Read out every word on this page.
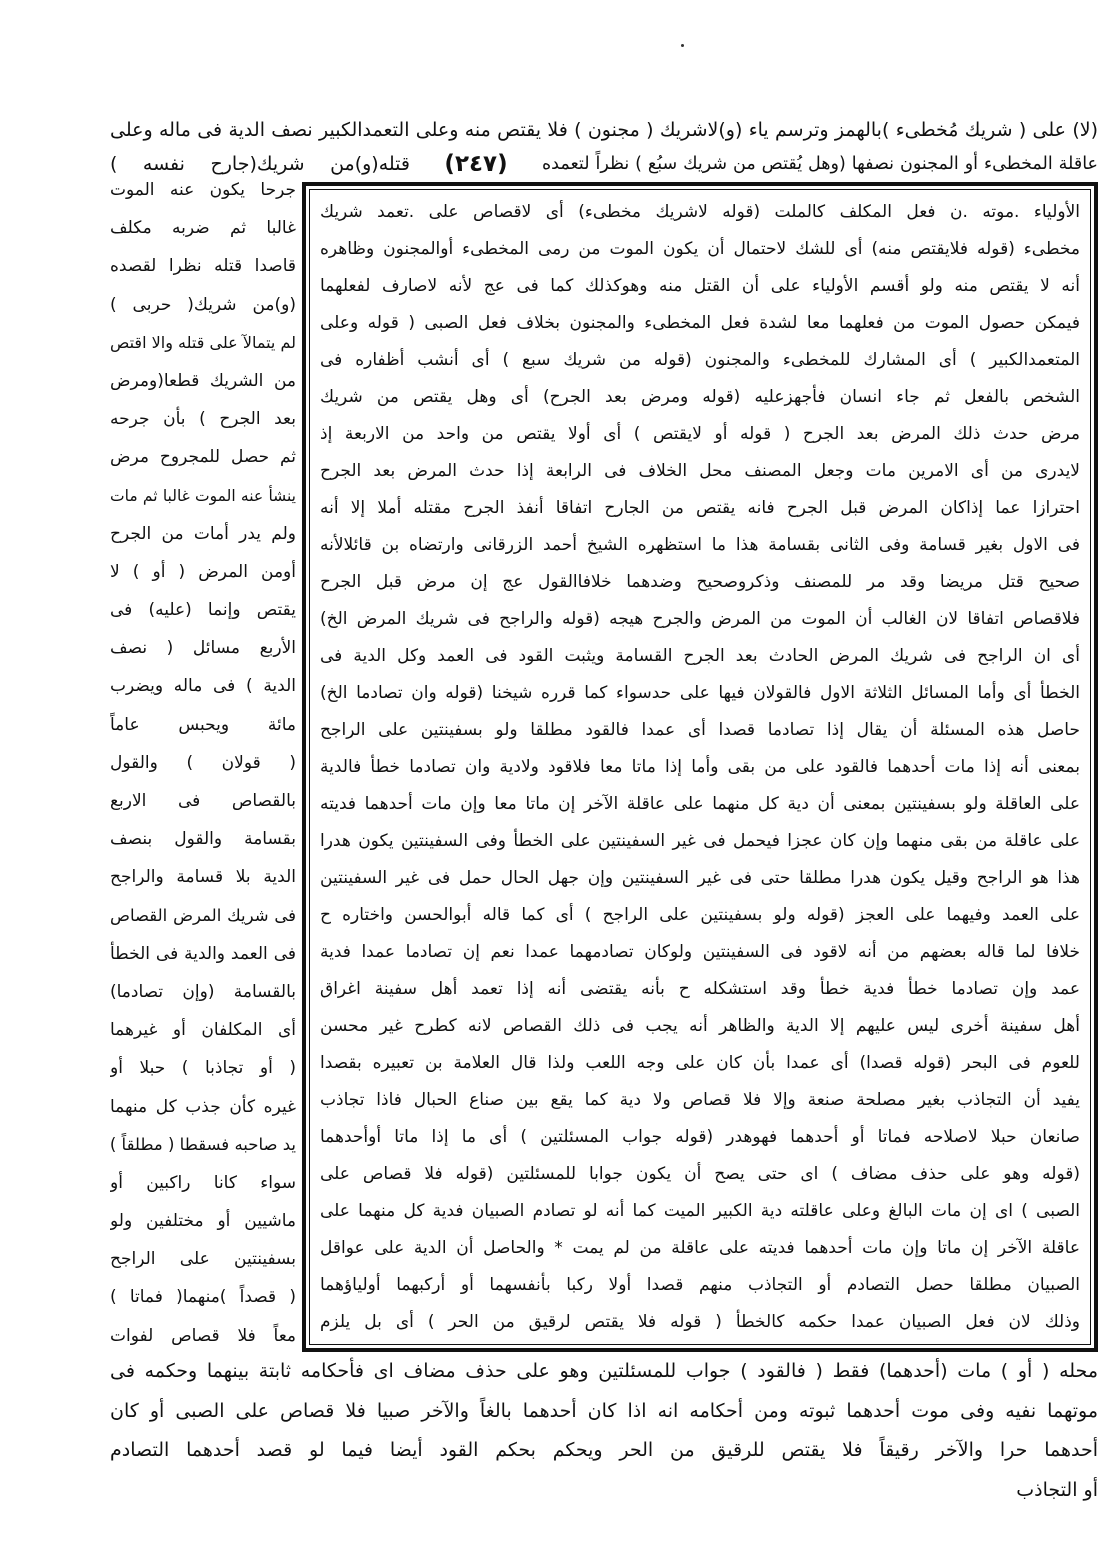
(لا) على ( شريك مُخطىء )بالهمز وترسم ياء (و)لاشريك ( مجنون ) فلا يقتص منه وعلى التعمدالكبير نصف الدية فى ماله وعلى
عاقلة المخطىء أو المجنون نصفها (وهل يُقتص من شريك سبُع ) نظراً لتعمده
(٢٤٧)
قتله(و)من شريك(جارح نفسه )
جرحا يكون عنه الموت
غالبا ثم ضربه مكلف
قاصدا قتله نظرا لقصده
(و)من شريك( حربى )
لم يتمالآ على قتله والا اقتص
من الشريك قطعا(ومرض
بعد الجرح ) بأن جرحه
ثم حصل للمجروح مرض
ينشأ عنه الموت غالبا ثم مات
ولم يدر أمات من الجرح
أومن المرض ( أو ) لا
يقتص وإنما (عليه) فى
الأربع مسائل ( نصف
الدية ) فى ماله ويضرب
مائة ويحبس عاماً
( قولان ) والقول
بالقصاص فى الاربع
بقسامة والقول بنصف
الدية بلا قسامة والراجح
فى شريك المرض القصاص
فى العمد والدية فى الخطأ
بالقسامة (وإن تصادما)
أى المكلفان أو غيرهما
( أو تجاذبا ) حبلا أو
غيره كأن جذب كل منهما
يد صاحبه فسقطا ( مطلقاً )
سواء كانا راكبين أو
ماشيين أو مختلفين ولو
بسفينتين على الراجح
( قصداً )منهما( فماتا )
معاً فلا قصاص لفوات
الأولياء .موته .ن فعل المكلف كالملت (قوله لاشريك مخطىء) أى لاقصاص على .تعمد شريك
مخطىء (قوله فلايقتص منه) أى للشك لاحتمال أن يكون الموت من رمى المخطىء أوالمجنون وظاهره
أنه لا يقتص منه ولو أقسم الأولياء على أن القتل منه وهوكذلك كما فى عج لأنه لاصارف لفعلهما
فيمكن حصول الموت من فعلهما معا لشدة فعل المخطىء والمجنون بخلاف فعل الصبى ( قوله وعلى
المتعمدالكبير ) أى المشارك للمخطىء والمجنون (قوله من شريك سبع ) أى أنشب أظفاره فى
الشخص بالفعل ثم جاء انسان فأجهزعليه (قوله ومرض بعد الجرح) أى وهل يقتص من شريك
مرض حدث ذلك المرض بعد الجرح ( قوله أو لايقتص ) أى أولا يقتص من واحد من الاربعة إذ
لايدرى من أى الامرين مات وجعل المصنف محل الخلاف فى الرابعة إذا حدث المرض بعد الجرح
احترازا عما إذاكان المرض قبل الجرح فانه يقتص من الجارح اتفاقا أنفذ الجرح مقتله أملا إلا أنه
فى الاول بغير قسامة وفى الثانى بقسامة هذا ما استظهره الشيخ أحمد الزرقانى وارتضاه بن قائلالأنه
صحيح قتل مريضا وقد مر للمصنف وذكروصحيح وضدهما خلافاالقول عج إن مرض قبل الجرح
فلاقصاص اتفاقا لان الغالب أن الموت من المرض والجرح هيجه (قوله والراجح فى شريك المرض الخ)
أى ان الراجح فى شريك المرض الحادث بعد الجرح القسامة ويثبت القود فى العمد وكل الدية فى
الخطأ أى وأما المسائل الثلاثة الاول فالقولان فيها على حدسواء كما قرره شيخنا (قوله وان تصادما الخ)
حاصل هذه المسئلة أن يقال إذا تصادما قصدا أى عمدا فالقود مطلقا ولو بسفينتين على الراجح
بمعنى أنه إذا مات أحدهما فالقود على من بقى وأما إذا ماتا معا فلاقود ولادية وان تصادما خطأ فالدية
على العاقلة ولو بسفينتين بمعنى أن دية كل منهما على عاقلة الآخر إن ماتا معا وإن مات أحدهما فديته
على عاقلة من بقى منهما وإن كان عجزا فيحمل فى غير السفينتين على الخطأ وفى السفينتين يكون هدرا
هذا هو الراجح وقيل يكون هدرا مطلقا حتى فى غير السفينتين وإن جهل الحال حمل فى غير السفينتين
على العمد وفيهما على العجز (قوله ولو بسفينتين على الراجح ) أى كما قاله أبوالحسن واختاره ح
خلافا لما قاله بعضهم من أنه لاقود فى السفينتين ولوكان تصادمهما عمدا نعم إن تصادما عمدا فدية
عمد وإن تصادما خطأ فدية خطأ وقد استشكله ح بأنه يقتضى أنه إذا تعمد أهل سفينة اغراق
أهل سفينة أخرى ليس عليهم إلا الدية والظاهر أنه يجب فى ذلك القصاص لانه كطرح غير محسن
للعوم فى البحر (قوله قصدا) أى عمدا بأن كان على وجه اللعب ولذا قال العلامة بن تعبيره بقصدا
يفيد أن التجاذب بغير مصلحة صنعة وإلا فلا قصاص ولا دية كما يقع بين صناع الحبال فاذا تجاذب
صانعان حبلا لاصلاحه فماتا أو أحدهما فهوهدر (قوله جواب المسئلتين ) أى ما إذا ماتا أوأحدهما
(قوله وهو على حذف مضاف ) اى حتى يصح أن يكون جوابا للمسئلتين (قوله فلا قصاص على
الصبى ) اى إن مات البالغ وعلى عاقلته دية الكبير الميت كما أنه لو تصادم الصبيان فدية كل منهما على
عاقلة الآخر إن ماتا وإن مات أحدهما فديته على عاقلة من لم يمت * والحاصل أن الدية على عواقل
الصبيان مطلقا حصل التصادم أو التجاذب منهم قصدا أولا ركبا بأنفسهما أو أركبهما أولياؤهما
وذلك لان فعل الصبيان عمدا حكمه كالخطأ ( قوله فلا يقتص لرقيق من الحر ) أى بل يلزم
محله ( أو ) مات (أحدهما) فقط ( فالقود ) جواب للمسئلتين وهو على حذف مضاف اى فأحكامه ثابتة بينهما وحكمه فى
موتهما نفيه وفى موت أحدهما ثبوته ومن أحكامه انه اذا كان أحدهما بالغاً والآخر صبيا فلا قصاص على الصبى أو كان
أحدهما حرا والآخر رقيقاً فلا يقتص للرقيق من الحر ويحكم بحكم القود أيضا فيما لو قصد أحدهما التصادم
أو التجاذب
